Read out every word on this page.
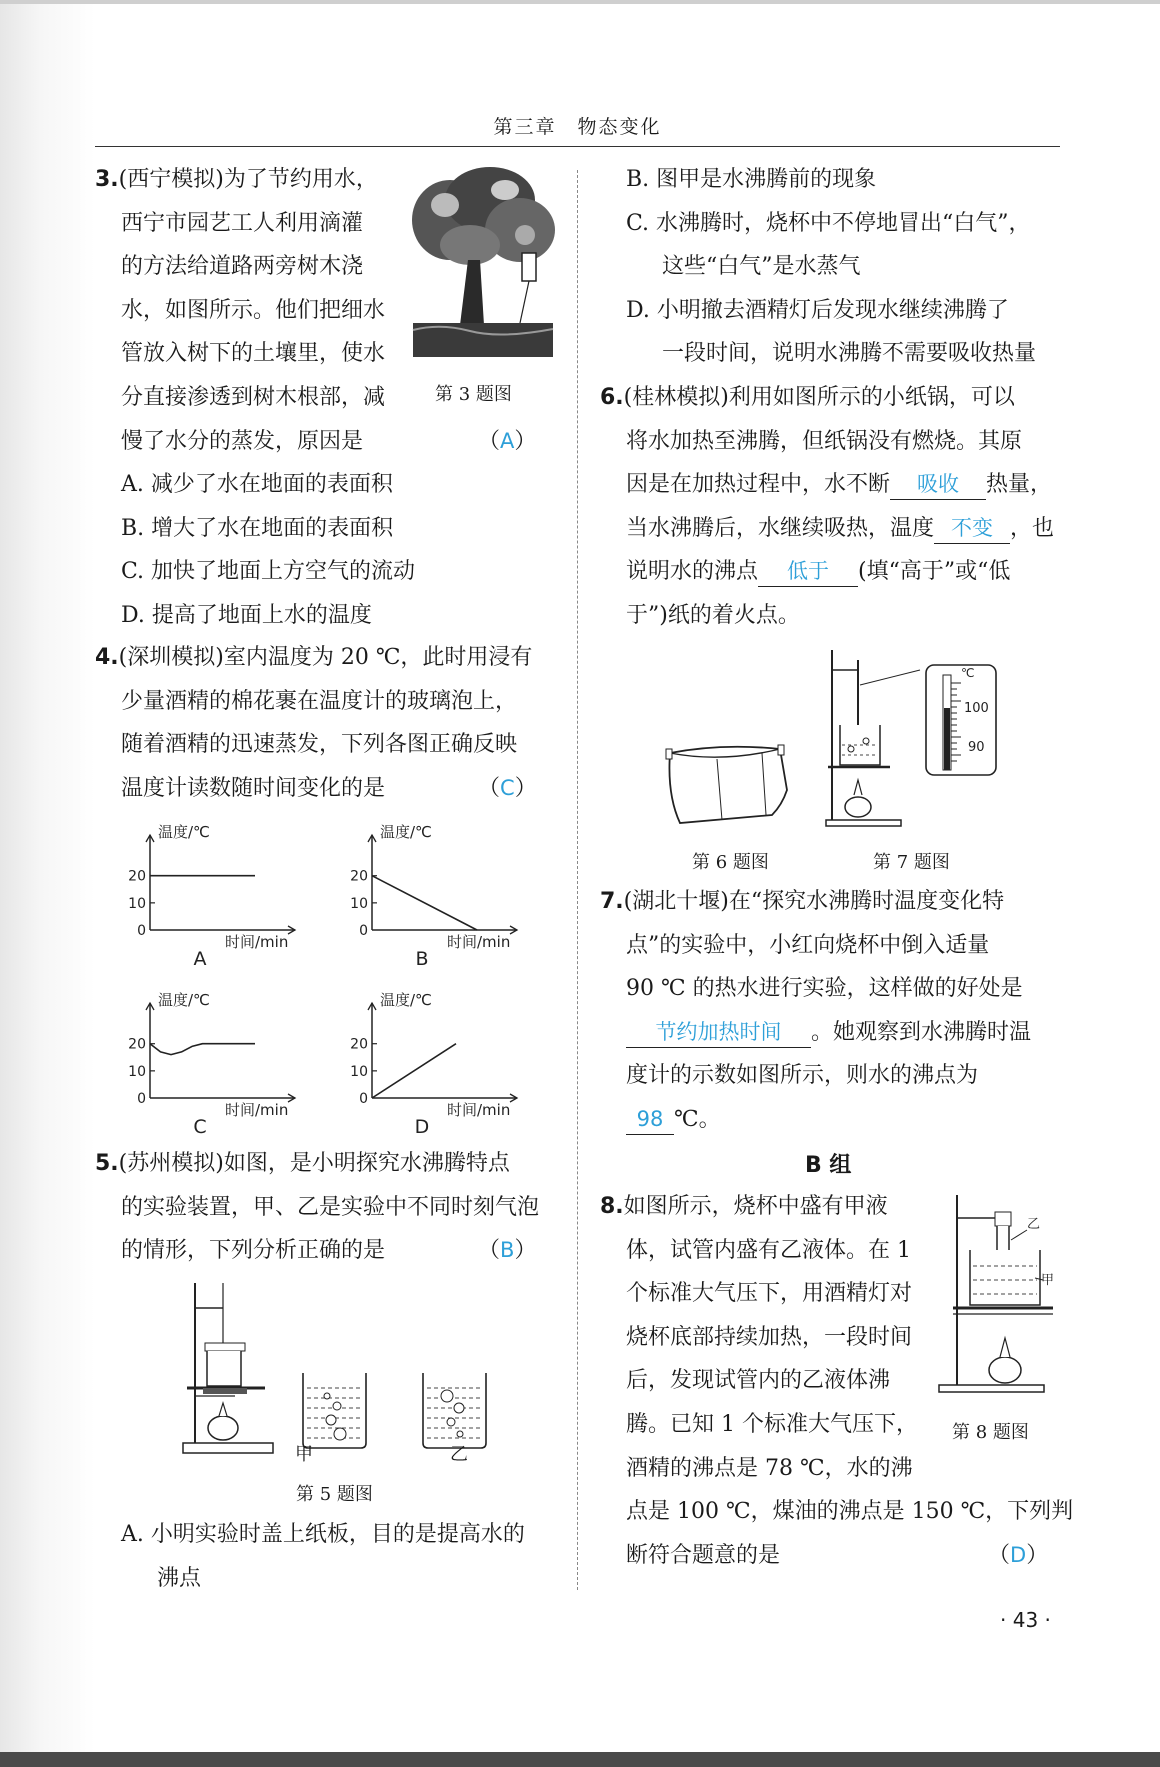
第三章　物态变化

3.(西宁模拟)为了节约用水，

西宁市园艺工人利用滴灌

的方法给道路两旁树木浇

水，如图所示。他们把细水

管放入树下的土壤里，使水

分直接渗透到树木根部，减

慢了水分的蒸发，原因是	（A）

A. 减少了水在地面的表面积

B. 增大了水在地面的表面积

C. 加快了地面上方空气的流动

D. 提高了地面上水的温度

第 3 题图

4.(深圳模拟)室内温度为 20 ℃，此时用浸有

少量酒精的棉花裹在温度计的玻璃泡上，

随着酒精的迅速蒸发，下列各图正确反映

温度计读数随时间变化的是	（C）

温度/℃
时间/min
0
10
20
A
温度/℃
时间/min
0
10
20
B
温度/℃
时间/min
0
10
20
C
温度/℃
时间/min
0
10
20
D

5.(苏州模拟)如图，是小明探究水沸腾特点

的实验装置，甲、乙是实验中不同时刻气泡

的情形，下列分析正确的是	（B）

甲	乙
第 5 题图

A. 小明实验时盖上纸板，目的是提高水的

沸点

B. 图甲是水沸腾前的现象

C. 水沸腾时，烧杯中不停地冒出“白气”，

这些“白气”是水蒸气

D. 小明撤去酒精灯后发现水继续沸腾了

一段时间，说明水沸腾不需要吸收热量

6.(桂林模拟)利用如图所示的小纸锅，可以

将水加热至沸腾，但纸锅没有燃烧。其原

因是在加热过程中，水不断 吸收 热量，

当水沸腾后，水继续吸热，温度 不变 ，也

说明水的沸点 低于 (填“高于”或“低

于”)纸的着火点。

℃
100
90
第 6 题图	第 7 题图

7.(湖北十堰)在“探究水沸腾时温度变化特

点”的实验中，小红向烧杯中倒入适量

90 ℃ 的热水进行实验，这样做的好处是

节约加热时间 。她观察到水沸腾时温

度计的示数如图所示，则水的沸点为

98 ℃。

B 组

8.如图所示，烧杯中盛有甲液

体，试管内盛有乙液体。在 1

个标准大气压下，用酒精灯对

烧杯底部持续加热，一段时间

后，发现试管内的乙液体沸

腾。已知 1 个标准大气压下，

酒精的沸点是 78 ℃，水的沸

点是 100 ℃，煤油的沸点是 150 ℃，下列判

断符合题意的是	（D）

乙
甲
第 8 题图
· 43 ·
